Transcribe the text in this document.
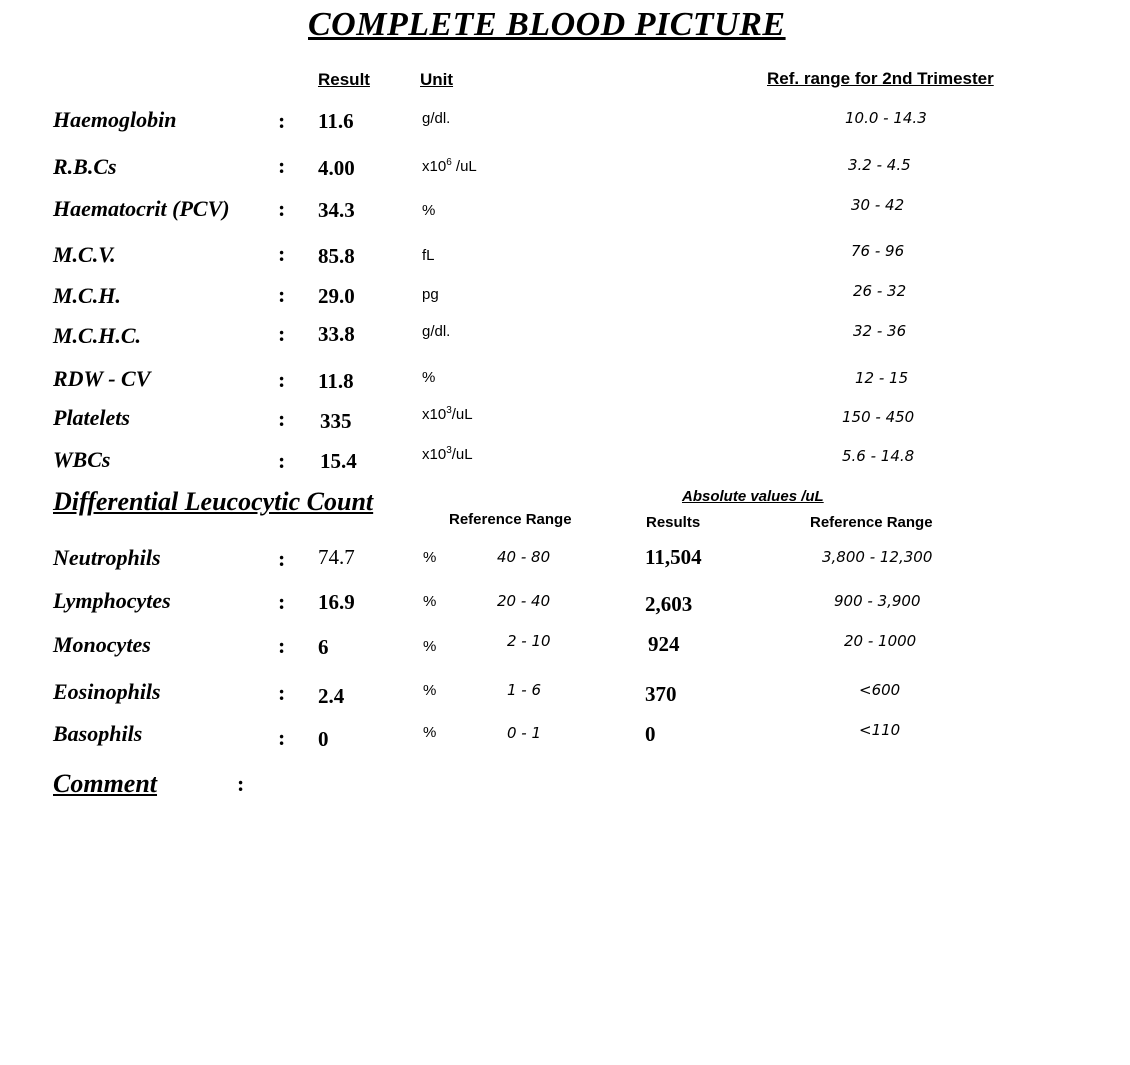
COMPLETE BLOOD PICTURE
Result	Unit	Ref. range for 2nd Trimester
Haemoglobin	: 11.6	g/dl.	10.0 - 14.3
R.B.Cs	: 4.00	$x10^6$ /uL	3.2 - 4.5
Haematocrit (PCV) : 34.3	%	30 - 42
M.C.V.	: 85.8	fL	76 - 96
M.C.H.	: 29.0	pg	26 - 32
M.C.H.C.	: 33.8	g/dl.	32 - 36
RDW - CV	: 11.8	%	12 - 15
Platelets	: 335	$x10^3/uL$	150 - 450
WBCs	: 15.4	$x10^3/uL$	5.6 - 14.8
Differential Leucocytic Count	Absolute values /uL
Reference Range	Results	Reference Range
Neutrophils	: 74.7	%	40 - 80	11,504	3,800 - 12,300
Lymphocytes	: 16.9	%	20 - 40	2,603	900 - 3,900
Monocytes	: 6	%	2 - 10	924	20 - 1000
Eosinophils	: 2.4	%	1 - 6	370	<600
Basophils	: 0	%	0 - 1	0	<110
Comment	:
